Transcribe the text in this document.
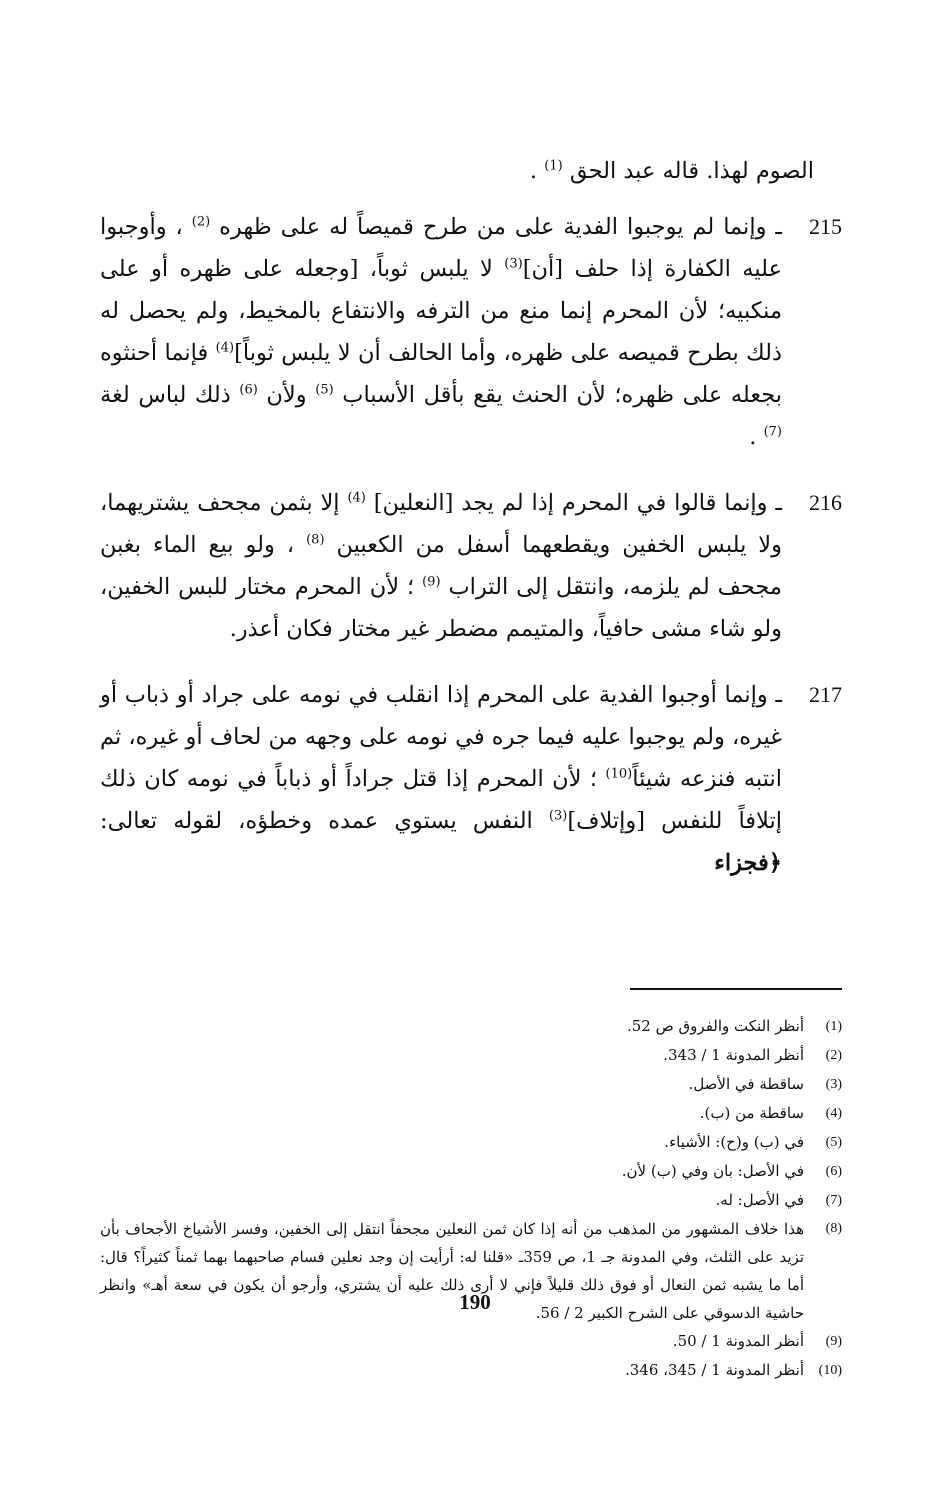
الصوم لهذا. قاله عبد الحق $^{(1)}$ .

215
ـ وإنما لم يوجبوا الفدية على من طرح قميصاً له على ظهره $^{(2)}$ ، وأوجبوا عليه الكفارة إذا حلف [أن]$^{(3)}$ لا يلبس ثوباً، [وجعله على ظهره أو على منكبيه؛ لأن المحرم إنما منع من الترفه والانتفاع بالمخيط، ولم يحصل له ذلك بطرح قميصه على ظهره، وأما الحالف أن لا يلبس ثوباً]$^{(4)}$ فإنما أحنثوه بجعله على ظهره؛ لأن الحنث يقع بأقل الأسباب $^{(5)}$ ولأن $^{(6)}$ ذلك لباس لغة $^{(7)}$ .

216
ـ وإنما قالوا في المحرم إذا لم يجد [النعلين] $^{(4)}$ إلا بثمن مجحف يشتريهما، ولا يلبس الخفين ويقطعهما أسفل من الكعبين $^{(8)}$ ، ولو بيع الماء بغبن مجحف لم يلزمه، وانتقل إلى التراب $^{(9)}$ ؛ لأن المحرم مختار للبس الخفين، ولو شاء مشى حافياً، والمتيمم مضطر غير مختار فكان أعذر.

217
ـ وإنما أوجبوا الفدية على المحرم إذا انقلب في نومه على جراد أو ذباب أو غيره، ولم يوجبوا عليه فيما جره في نومه على وجهه من لحاف أو غيره، ثم انتبه فنزعه شيئاً$^{(10)}$ ؛ لأن المحرم إذا قتل جراداً أو ذباباً في نومه كان ذلك إتلافاً للنفس [وإتلاف]$^{(3)}$ النفس يستوي عمده وخطؤه، لقوله تعالى: ﴿فجزاء

(1)
أنظر النكت والفروق ص 52.

(2)
أنظر المدونة 1 / 343.

(3)
ساقطة في الأصل.

(4)
ساقطة من (ب).

(5)
في (ب) و(ح): الأشياء.

(6)
في الأصل: بان وفي (ب) لأن.

(7)
في الأصل: له.

(8)
هذا خلاف المشهور من المذهب من أنه إذا كان ثمن النعلين مجحفاً انتقل إلى الخفين، وفسر الأشياخ الأجحاف بأن تزيد على الثلث، وفي المدونة جـ 1، ص 359ـ «قلنا له: أرأيت إن وجد نعلين فسام صاحبهما بهما ثمناً كثيراً؟ قال: أما ما يشبه ثمن النعال أو فوق ذلك قليلاً فإني لا أرى ذلك عليه أن يشتري، وأرجو أن يكون في سعة أهـ» وانظر حاشية الدسوقي على الشرح الكبير 2 / 56.

(9)
أنظر المدونة 1 / 50.

(10)
أنظر المدونة 1 / 345، 346.

190
